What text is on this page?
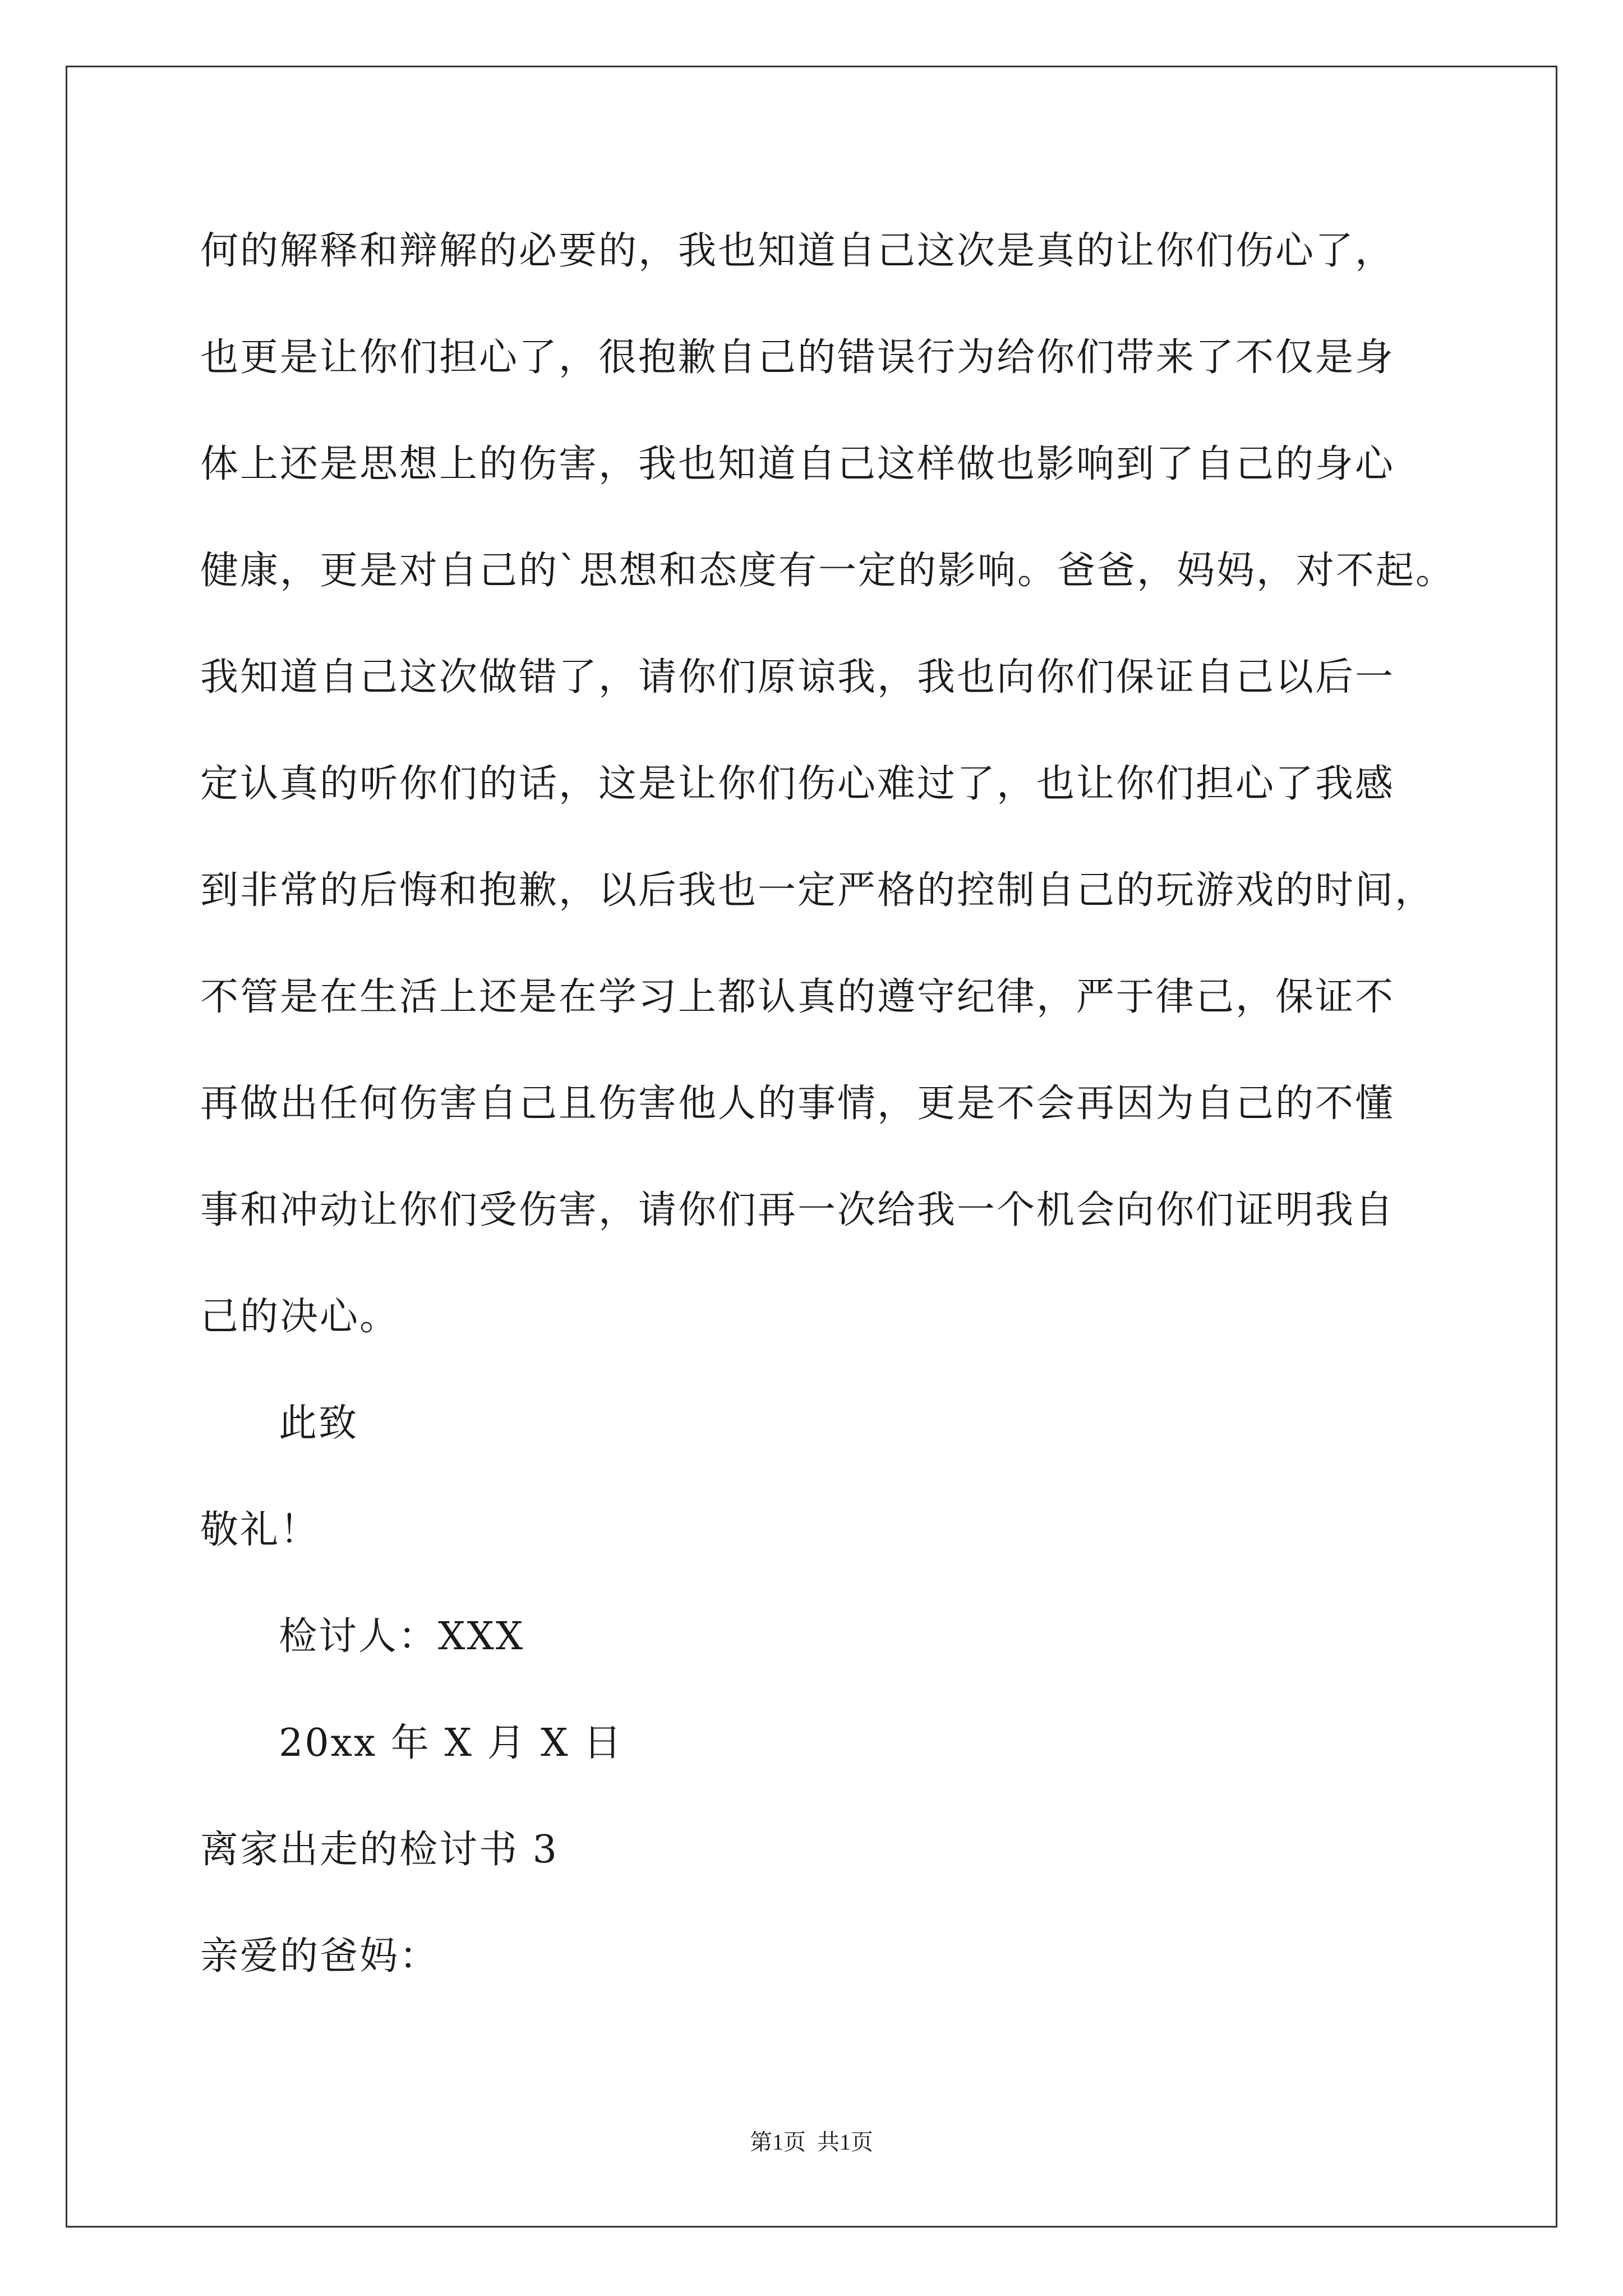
何的解释和辩解的必要的，我也知道自己这次是真的让你们伤心了，
也更是让你们担心了，很抱歉自己的错误行为给你们带来了不仅是身
体上还是思想上的伤害，我也知道自己这样做也影响到了自己的身心
健康，更是对自己的`思想和态度有一定的影响。爸爸，妈妈，对不起。
我知道自己这次做错了，请你们原谅我，我也向你们保证自己以后一
定认真的听你们的话，这是让你们伤心难过了，也让你们担心了我感
到非常的后悔和抱歉，以后我也一定严格的控制自己的玩游戏的时间，
不管是在生活上还是在学习上都认真的遵守纪律，严于律己，保证不
再做出任何伤害自己且伤害他人的事情，更是不会再因为自己的不懂
事和冲动让你们受伤害，请你们再一次给我一个机会向你们证明我自
己的决心。
此致
敬礼！
检讨人：XXX
20xx 年 X 月 X 日
离家出走的检讨书 3
亲爱的爸妈：
第1页  共1页
